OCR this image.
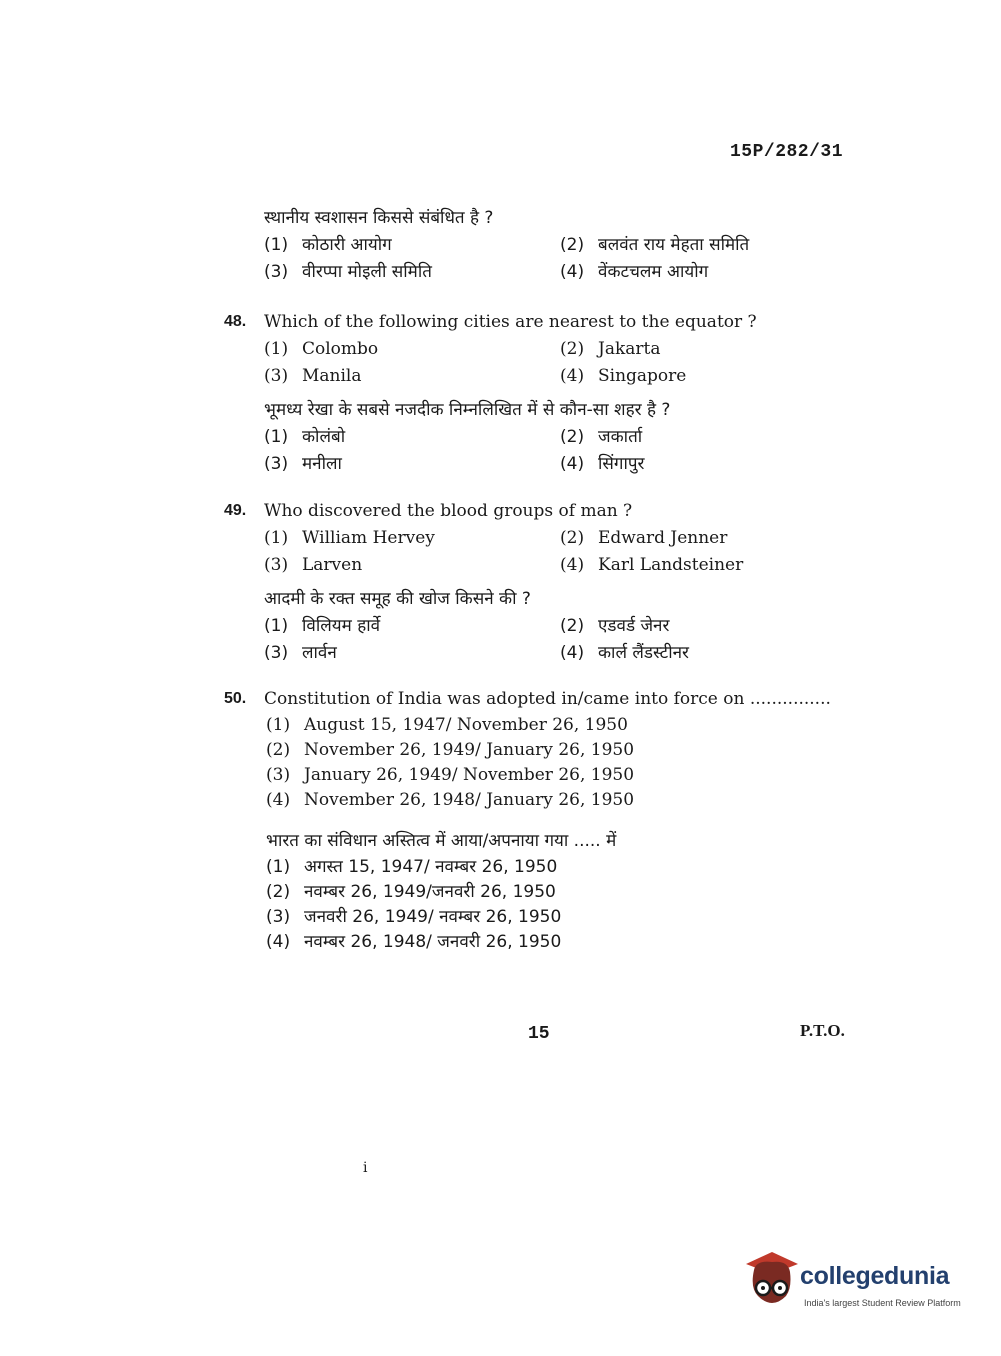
15P/282/31
स्थानीय स्वशासन किससे संबंधित है ?
(1) कोठारी आयोग	(2) बलवंत राय मेहता समिति
(3) वीरप्पा मोइली समिति	(4) वेंकटचलम आयोग
48. Which of the following cities are nearest to the equator ?
(1) Colombo	(2) Jakarta
(3) Manila	(4) Singapore
भूमध्य रेखा के सबसे नजदीक निम्नलिखित में से कौन-सा शहर है ?
(1) कोलंबो	(2) जकार्ता
(3) मनीला	(4) सिंगापुर
49. Who discovered the blood groups of man ?
(1) William Hervey	(2) Edward Jenner
(3) Larven	(4) Karl Landsteiner
आदमी के रक्त समूह की खोज किसने की ?
(1) विलियम हार्वे	(2) एडवर्ड जेनर
(3) लार्वन	(4) कार्ल लैंडस्टीनर
50. Constitution of India was adopted in/came into force on ...............
(1) August 15, 1947/ November 26, 1950
(2) November 26, 1949/ January 26, 1950
(3) January 26, 1949/ November 26, 1950
(4) November 26, 1948/ January 26, 1950
भारत का संविधान अस्तित्व में आया/अपनाया गया ..... में
(1) अगस्त 15, 1947/ नवम्बर 26, 1950
(2) नवम्बर 26, 1949/जनवरी 26, 1950
(3) जनवरी 26, 1949/ नवम्बर 26, 1950
(4) नवम्बर 26, 1948/ जनवरी 26, 1950
15	P.T.O.
i
collegedunia
India's largest Student Review Platform
